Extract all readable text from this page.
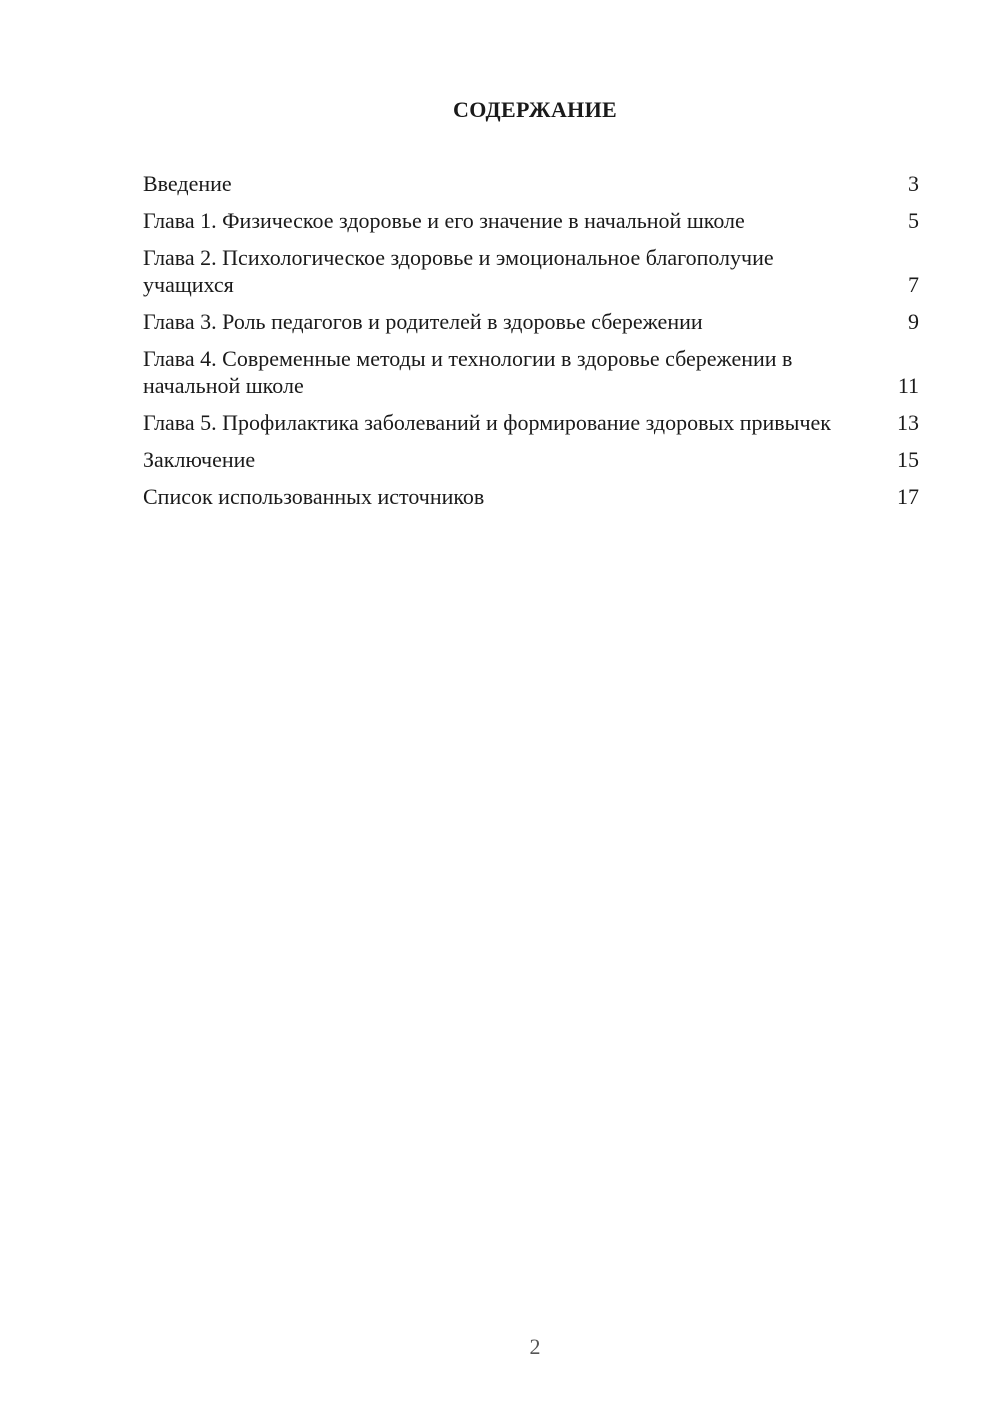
СОДЕРЖАНИЕ
Введение	3
Глава 1. Физическое здоровье и его значение в начальной школе	5
Глава 2. Психологическое здоровье и эмоциональное благополучие учащихся	7
Глава 3. Роль педагогов и родителей в здоровье сбережении	9
Глава 4. Современные методы и технологии в здоровье сбережении в начальной школе	11
Глава 5. Профилактика заболеваний и формирование здоровых привычек	13
Заключение	15
Список использованных источников	17
2
